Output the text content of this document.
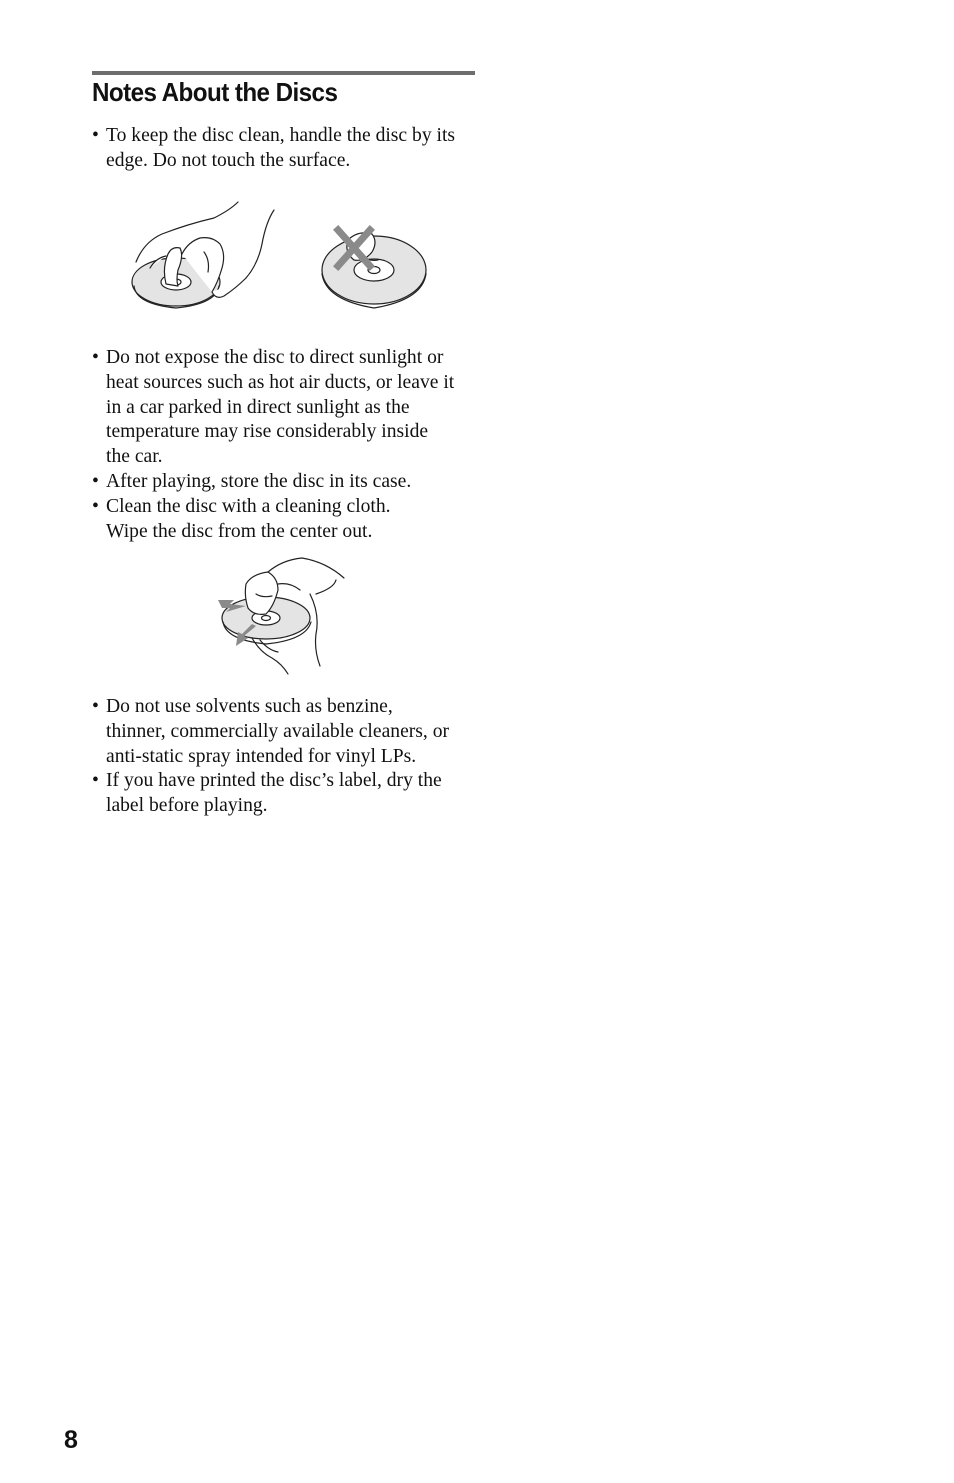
Notes About the Discs
• To keep the disc clean, handle the disc by its
edge. Do not touch the surface.
• Do not expose the disc to direct sunlight or
heat sources such as hot air ducts, or leave it
in a car parked in direct sunlight as the
temperature may rise considerably inside
the car.
• After playing, store the disc in its case.
• Clean the disc with a cleaning cloth.
Wipe the disc from the center out.
• Do not use solvents such as benzine,
thinner, commercially available cleaners, or
anti-static spray intended for vinyl LPs.
• If you have printed the disc’s label, dry the
label before playing.
8
